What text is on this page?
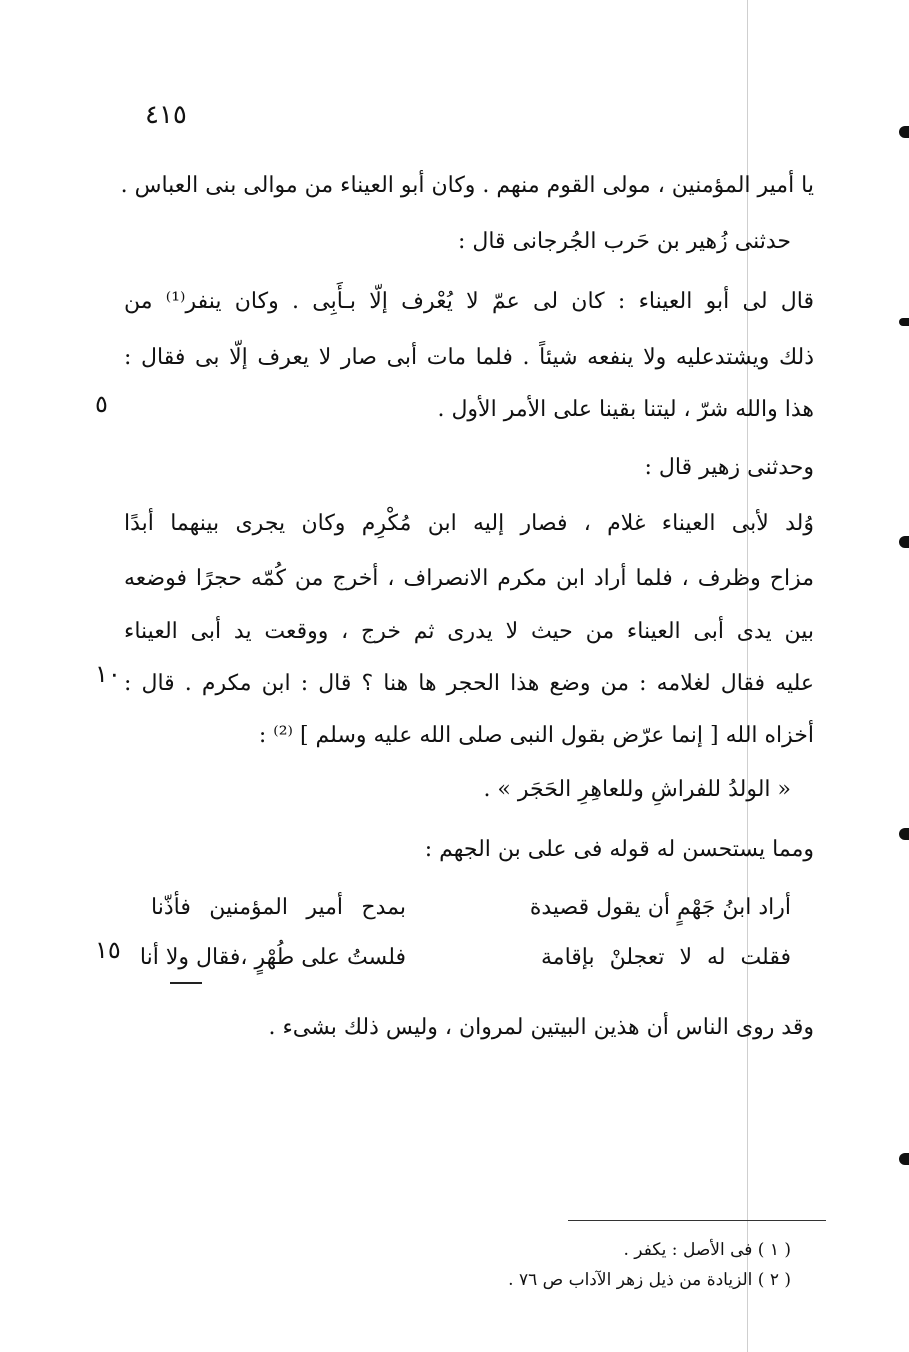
٤١٥
يا أمير المؤمنين ، مولى القوم منهم . وكان أبو العيناء من موالى بنى العباس .
حدثنى زُهير بن حَرب الجُرجانى قال :
قال لى أبو العيناء : كان لى عمّ لا يُعْرف إلّا بـأَبِى . وكان ينفر⁽¹⁾ من
ذلك ويشتدعليه ولا ينفعه شيئاً . فلما مات أبى صار لا يعرف إلّا بى فقال :
هذا والله شرّ ، ليتنا بقينا على الأمر الأول .
٥
وحدثنى زهير قال :
وُلد لأبى العيناء غلام ، فصار إليه ابن مُكْرِم وكان يجرى بينهما أبدًا
مزاح وظرف ، فلما أراد ابن مكرم الانصراف ، أخرج من كُمّه حجرًا فوضعه
بين يدى أبى العيناء من حيث لا يدرى ثم خرج ، ووقعت يد أبى العيناء
عليه فقال لغلامه : من وضع هذا الحجر ها هنا ؟ قال : ابن مكرم . قال :
١٠
أخزاه الله [ إنما عرّض بقول النبى صلى الله عليه وسلم ] ⁽²⁾ :
« الولدُ للفراشِ وللعاهِرِ الحَجَر » .
ومما يستحسن له قوله فى على بن الجهم :
أراد ابنُ جَهْمٍ أن يقول قصيدة
بمدح أمير المؤمنين فأذّنا
فقلت له لا تعجلنْ بإقامة
فلستُ على طُهْرٍ ،فقال ولا أنا
١٥
وقد روى الناس أن هذين البيتين لمروان ، وليس ذلك بشىء .
( ١ ) فى الأصل : يكفر .
( ٢ ) الزيادة من ذيل زهر الآداب ص ٧٦ .
